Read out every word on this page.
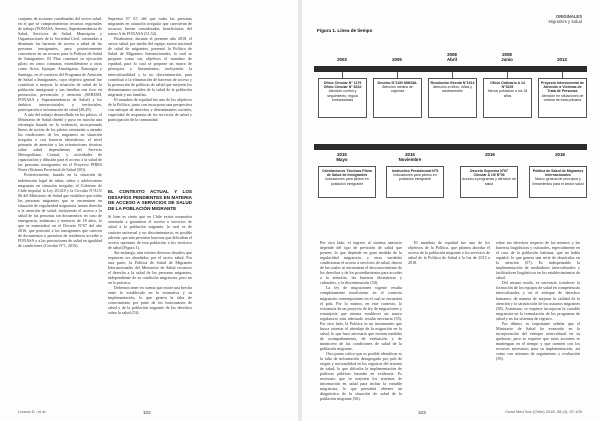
conjunto de acciones coordinadas del sector salud, en el que se comprometieron recursos regionales de trabajo (FONASA, Seremi, Superintendencia de Salud, Servicios de Salud, Municipios y Organizaciones de la Sociedad Civil, orientadas a disminuir las barreras de acceso a salud de las personas inmigrantes, para posteriormente convertirse en un recurso para la Política de Salud de Inmigrantes. El Plan comenzó su ejecución piloto en cinco comunas, extendiéndose a otras como Arica, Iquique, Antofagasta, Rancagua y Santiago, en el contexto del Programa de Atención de Salud a Inmigrantes, cuyo objetivo general fue contribuir a mejorar la situación de salud de la población inmigrante y sus familias con foco en promoción, prevención y atención (SEREMI, FONASA y Superintendencia de Salud) y los ámbitos intersectoriales y territoriales, participación e información de salud (48,49).

A raíz del trabajo desarrollado en los pilotos, el Ministerio de Salud diseñó y puso en marcha una estrategia basada en la evidencia, incorporando líneas de acción de los pilotos orientadas a atender las condiciones de los migrantes en situación irregular o con barreras idiomáticas, el nivel primario de atención y las orientaciones técnicas sobre salud dependientes del Servicio Metropolitano Central, y actividades de capacitación y difusión para el acceso a la salud de las personas inmigrantes en el Proyecto PIRES Norte (Sistema Provincial de Salud (50)).

Posteriormente, basado en la situación de indefensión legal de niñas, niños y adolescentes migrantes en situación irregular, el Gobierno de Chile impulsó la Ley 20.418 y la Circular N°A15/ 06 del Ministerio de Salud que establece que todas las personas migrantes que se encuentren en situación de regularidad migratoria tienen derecho a la atención de salud, incluyendo el acceso a la salud de las personas sin documentos en caso de emergencia, embarazo y menores de 18 años, lo que se materializó en el Decreto N°67 del año 2016, que permitió a los inmigrantes que carecen de documentos o permisos de residencia acceder a FONASA y a las prestaciones de salud en igualdad de condiciones (Circular N°1, 2016).

Supremo N° 67, del que todas las personas migrantes en situación irregular que carecieran de recursos fueran consideradas beneficiarias del tramo A de FONASA (51,52).

Finalmente, durante el presente año 2018, el sector salud, por medio del equipo asesor nacional de salud de migrantes, presentó la Política de Salud de Migrantes Internacionales, la cual se propone como sus objetivos el mandato de equidad, para lo cual se propone un marco de principios y lineamientos, incluyendo la interculturalidad y la no discriminación, para contribuir a la eliminación de barreras de acceso y la promoción de políticas de salud que mejoren los determinantes sociales de la salud de la población migrante y sus familias.

El mandato de equidad fue uno de los objetivos de la Política, junto con incorporar una perspectiva con enfoque de derechos y determinantes sociales, capacidad de respuesta de los servicios de salud y participación de la comunidad.

EL CONTEXTO ACTUAL Y LOS DESAFÍOS PENDIENTES EN MATERIA DE ACCESO A SERVICIOS DE SALUD DE LA POBLACIÓN MIGRANTE

Si bien es cierto que en Chile existe normativa orientada a garantizar el acceso a servicios de salud a la población migrante, la cual es de carácter universal y no discriminatorio, es posible advertir que aún persisten barreras que dificultan el acceso oportuno de esta población a los servicios de salud (Figura 1).

Sin embargo, aún existen diversos desafíos que requieren ser abordados por el sector salud. Por otra parte, la Política de Salud de Migrantes Internacionales del Ministerio de Salud reconoce el derecho a la salud de las personas migrantes, independiente de su condición migratoria, pero no en la práctica.

Debemos tener en cuenta que existe una brecha entre lo establecido en la normativa y su implementación, lo que genera la falta de conocimiento por parte de los funcionarios de salud y de la población migrante de los derechos sobre la salud (53).

Lorena D., et al.	102
ORIGINALES
Migrantes y Salud
Figura 1. Línea de tiempo
2003	2005
2008
Abril
2008
Junio	2013
Oficio Circular N° 1179
Oficio Circular N° 6232
Atención control y seguimiento, regula embarazadas
Decreto N°1190 MINSAL
Atención médica de urgencia
Resolución Exenta N°1914
Atención a niños, niñas y adolescentes
Oficio Ordinario A 14 N°3229
Menos población a los 18 años
Proyecto Intersectorial de Atención a Víctimas de Trata de Personas
Atención en situaciones de víctima de trata primaria
2015
Mayo
2015
Noviembre
2016	2018
Orientaciones Técnicas Piloto de Salud de Inmigrantes
Indicaciones para pilotos en población inmigrante
Instructivo Presidencial N°5
Indicaciones para pilotos en población inmigrante
Decreto Supremo N°67
Circular A 15/ N°06
Acceso a programas y atención de salud
Política de Salud de Migrantes Internacionales
Marco general de principios y lineamientos para el sector salud

Por otro lado, el ingreso al sistema sanitario depende del tipo de previsión de salud que poseen, lo que depende en gran medida de la regularidad migratoria, y otras variables condicionan el acceso a servicios de salud, dentro de las cuales se encuentran el desconocimiento de los derechos y de los procedimientos para acceder a la atención, las barreras idiomáticas y culturales, y la discriminación (54).

La ley de migraciones vigente resulta completamente insuficiente en el contexto migratorio contemporáneo en el cual se encuentra el país. Por lo mismo, en este contexto, la existencia de un proyecto de ley de migraciones y extranjería que intenta establecer un marco regulatorio más adecuado resulta necesaria (55). Por otro lado, la Política es un instrumento que busca orientar el abordaje de la migración en la salud, lo que hace necesario que existan medidas de acompañamiento, de evaluación y de monitoreo de las condiciones de salud de la población migrante.

Otro punto crítico que es posible identificar es la falta de información desagregada por país de origen y nacionalidad en los registros del sistema de salud, lo que dificulta la implementación de políticas públicas basadas en evidencia. Es necesario que se mejoren los sistemas de información en salud para incluir la variable migratoria, lo que permitirá obtener un diagnóstico de la situación de salud de la población migrante (56).

El mandato de equidad fue uno de los objetivos de la Política, que plantea abordar el acceso de la población migrante a los servicios de salud de la Política de Salud a la luz de 2015 a 2018.

sobre sus derechos respecto de los mismos y las barreras lingüísticas y culturales, especialmente en el caso de la población haitiana, que no habla español, lo que genera una serie de obstáculos en la atención (57). Es indispensable la implementación de mediadores interculturales y facilitadores lingüísticos en los establecimientos de salud.

Del mismo modo, es necesario fortalecer la formación de los equipos de salud en competencias interculturales y en el enfoque de derechos humanos, de manera de mejorar la calidad de la atención y la satisfacción de los usuarios migrantes (58). Asimismo, se requiere incorporar la variable migratoria en la formulación de los programas de salud y en los sistemas de registro.

Por último, es importante señalar que el Ministerio de Salud ha avanzado en la incorporación del enfoque intercultural en su quehacer, pero se requiere que estas acciones se mantengan en el tiempo y que cuenten con los recursos necesarios para su implementación, así como con sistemas de seguimiento y evaluación (59).

103	Cuad Méd Soc (Chile) 2018, 58 (4): 97-109
